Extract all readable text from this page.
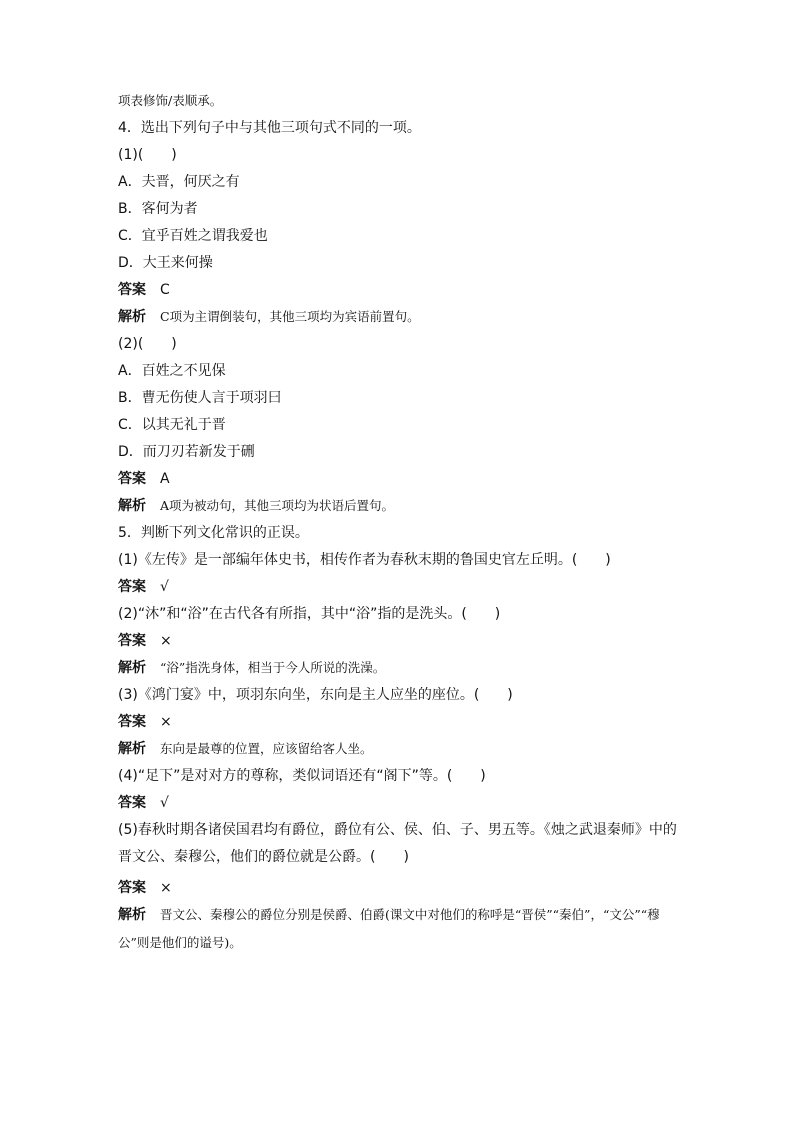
项表修饰/表顺承。
4．选出下列句子中与其他三项句式不同的一项。
(1)(　　)
A．夫晋，何厌之有
B．客何为者
C．宜乎百姓之谓我爱也
D．大王来何操
答案 C
解析 C项为主谓倒装句，其他三项均为宾语前置句。
(2)(　　)
A．百姓之不见保
B．曹无伤使人言于项羽曰
C．以其无礼于晋
D．而刀刃若新发于硎
答案 A
解析 A项为被动句，其他三项均为状语后置句。
5．判断下列文化常识的正误。
(1)《左传》是一部编年体史书，相传作者为春秋末期的鲁国史官左丘明。(　　)
答案 √
(2)“沐”和“浴”在古代各有所指，其中“浴”指的是洗头。(　　)
答案 ×
解析 “浴”指洗身体，相当于今人所说的洗澡。
(3)《鸿门宴》中，项羽东向坐，东向是主人应坐的座位。(　　)
答案 ×
解析 东向是最尊的位置，应该留给客人坐。
(4)“足下”是对对方的尊称，类似词语还有“阁下”等。(　　)
答案 √
(5)春秋时期各诸侯国君均有爵位，爵位有公、侯、伯、子、男五等。《烛之武退秦师》中的晋文公、秦穆公，他们的爵位就是公爵。(　　)
答案 ×
解析 晋文公、秦穆公的爵位分别是侯爵、伯爵(课文中对他们的称呼是“晋侯”“秦伯”，“文公”“穆公”则是他们的谥号)。
